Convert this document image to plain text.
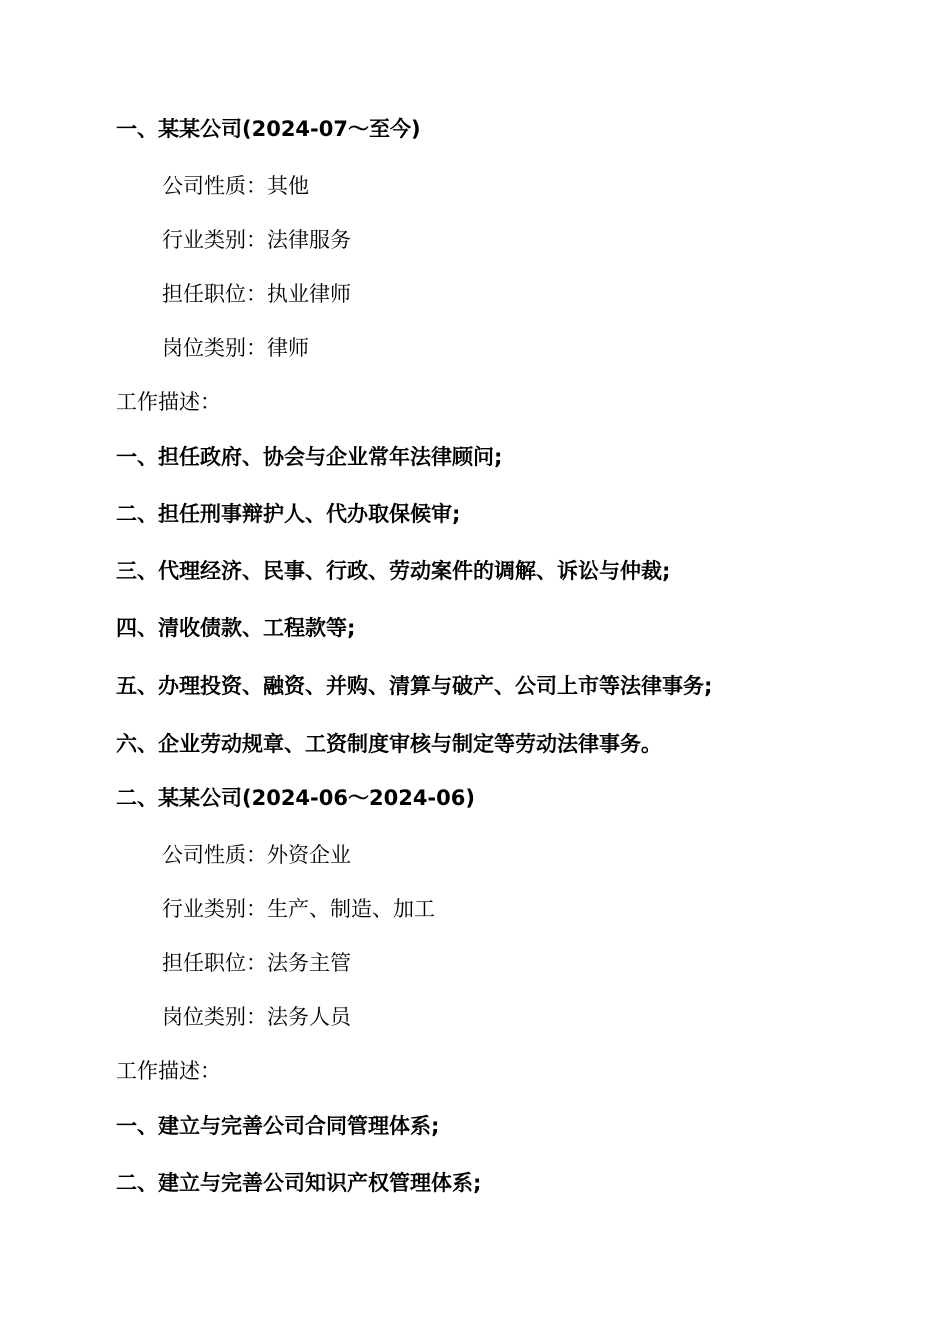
一、某某公司(2024-07～至今)
公司性质：其他
行业类别：法律服务
担任职位：执业律师
岗位类别：律师
工作描述：
一、担任政府、协会与企业常年法律顾问;
二、担任刑事辩护人、代办取保候审;
三、代理经济、民事、行政、劳动案件的调解、诉讼与仲裁;
四、清收债款、工程款等;
五、办理投资、融资、并购、清算与破产、公司上市等法律事务;
六、企业劳动规章、工资制度审核与制定等劳动法律事务。
二、某某公司(2024-06～2024-06)
公司性质：外资企业
行业类别：生产、制造、加工
担任职位：法务主管
岗位类别：法务人员
工作描述：
一、建立与完善公司合同管理体系;
二、建立与完善公司知识产权管理体系;
